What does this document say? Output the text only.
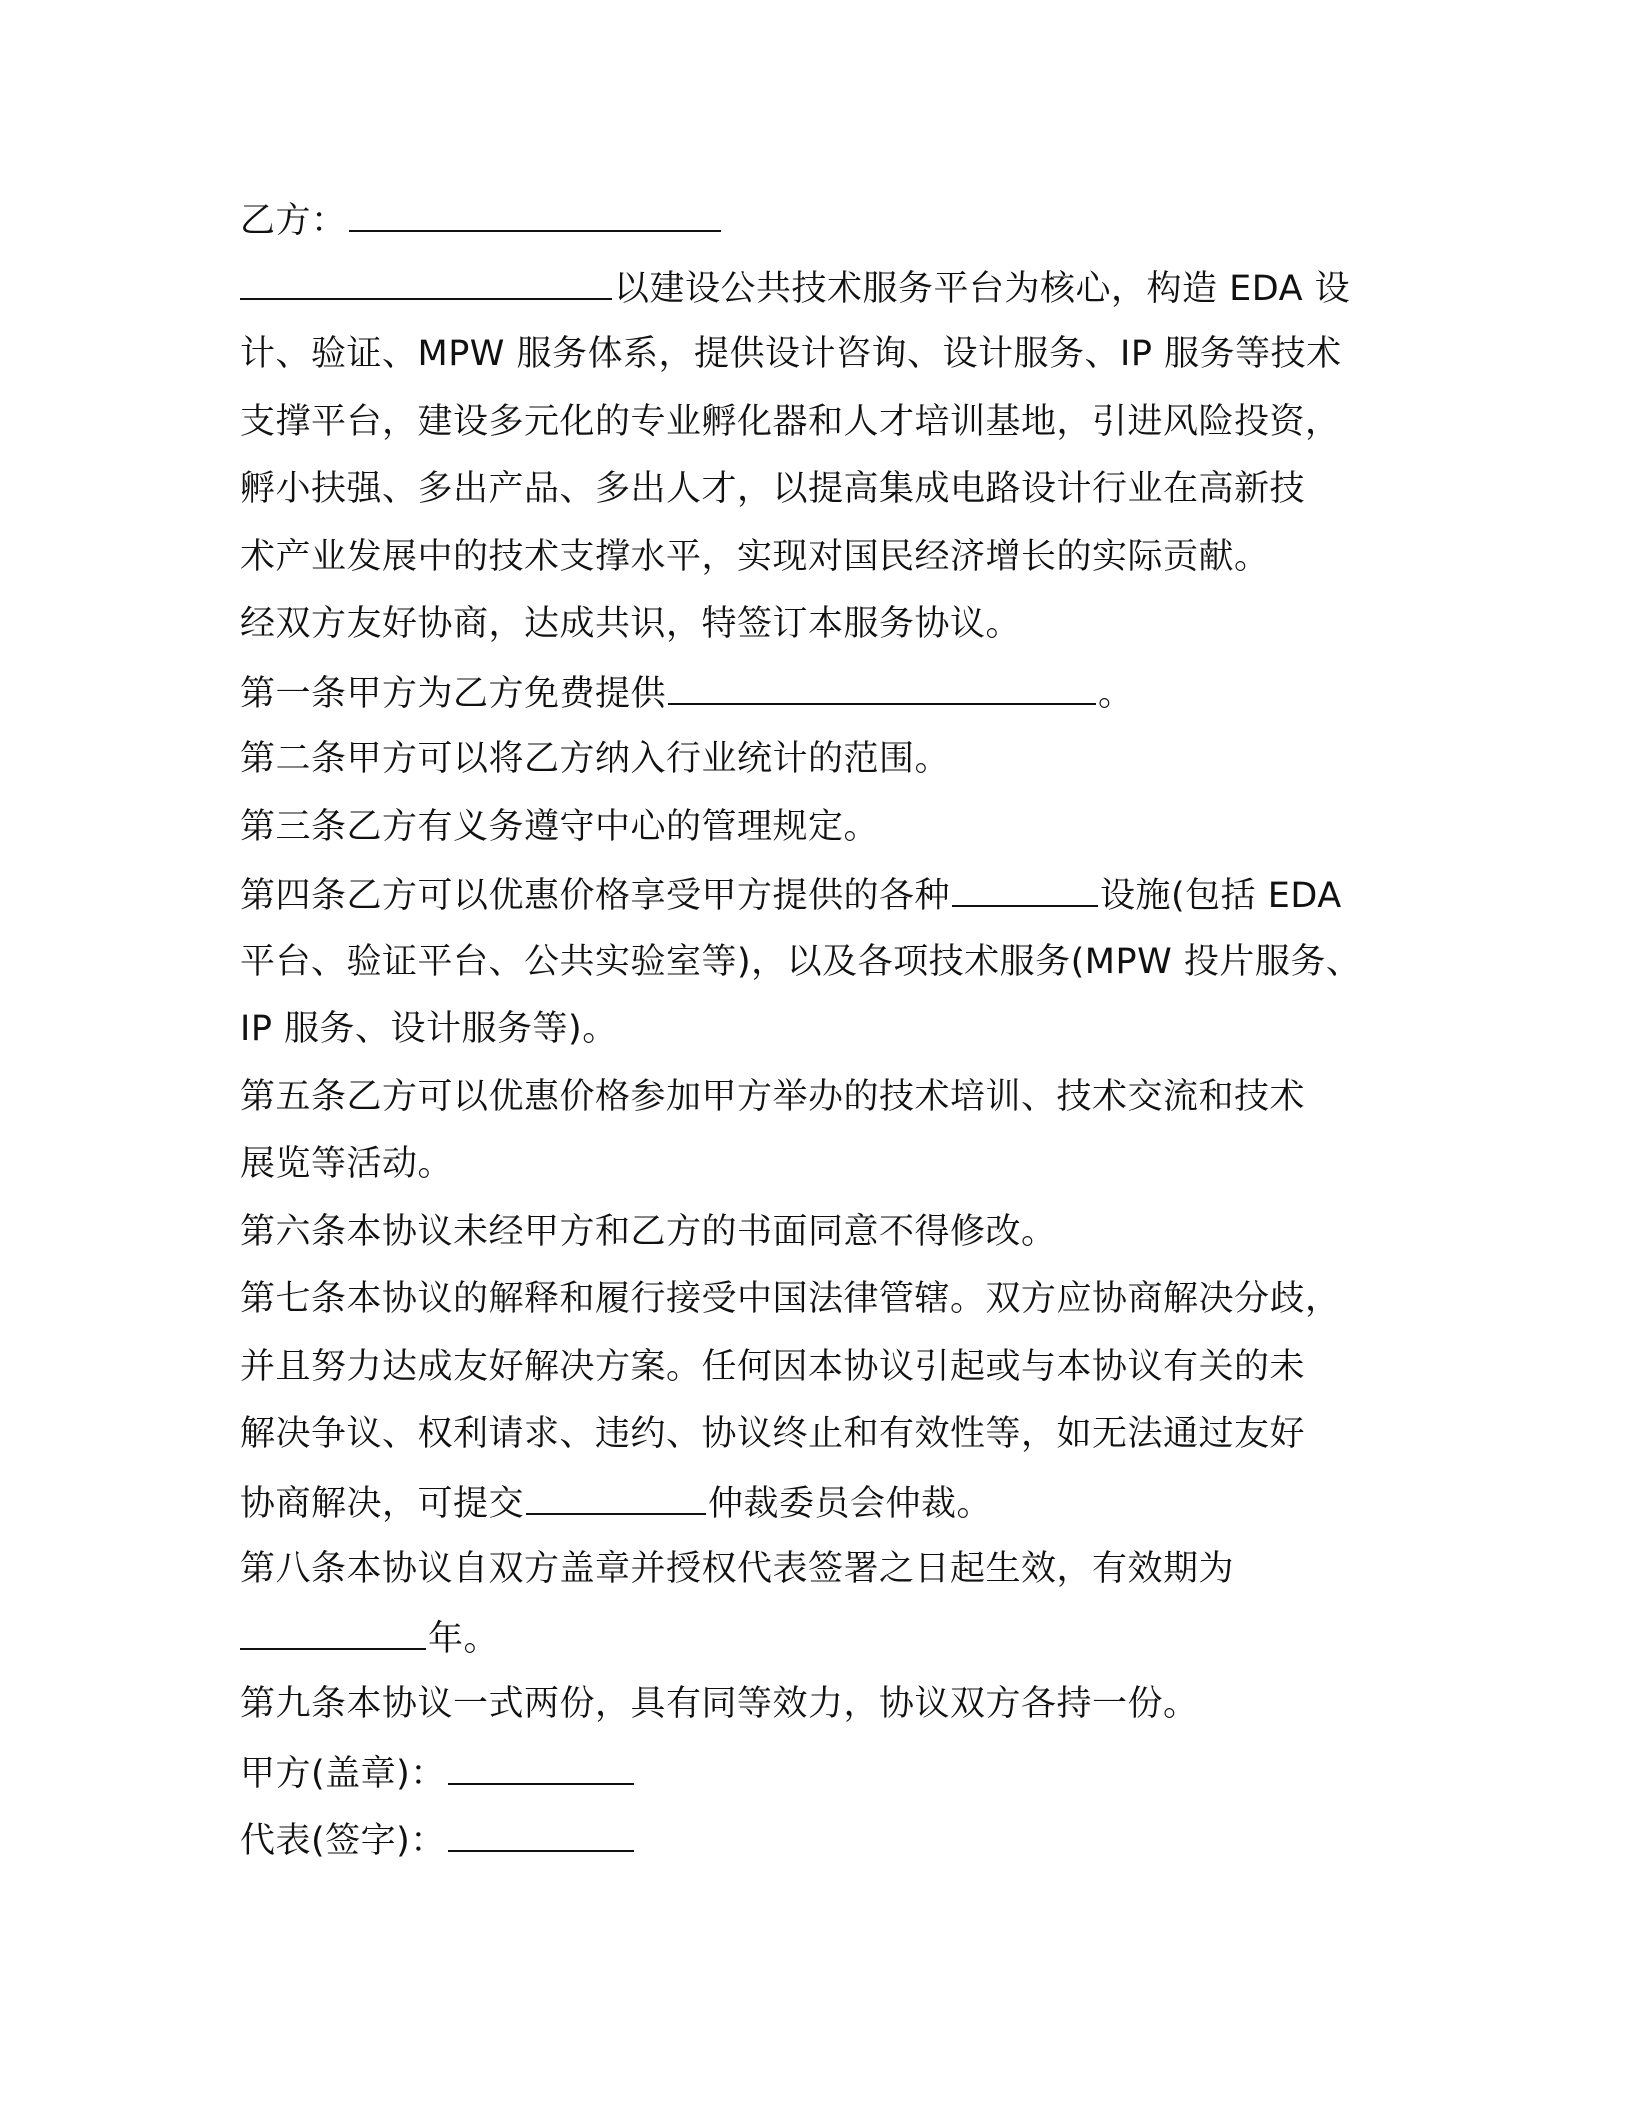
乙方：
以建设公共技术服务平台为核心，构造 EDA 设
计、验证、MPW 服务体系，提供设计咨询、设计服务、IP 服务等技术
支撑平台，建设多元化的专业孵化器和人才培训基地，引进风险投资，
孵小扶强、多出产品、多出人才，以提高集成电路设计行业在高新技
术产业发展中的技术支撑水平，实现对国民经济增长的实际贡献。
经双方友好协商，达成共识，特签订本服务协议。
第一条甲方为乙方免费提供	。
第二条甲方可以将乙方纳入行业统计的范围。
第三条乙方有义务遵守中心的管理规定。
第四条乙方可以优惠价格享受甲方提供的各种	设施(包括 EDA
平台、验证平台、公共实验室等)，以及各项技术服务(MPW 投片服务、
IP 服务、设计服务等)。
第五条乙方可以优惠价格参加甲方举办的技术培训、技术交流和技术
展览等活动。
第六条本协议未经甲方和乙方的书面同意不得修改。
第七条本协议的解释和履行接受中国法律管辖。双方应协商解决分歧，
并且努力达成友好解决方案。任何因本协议引起或与本协议有关的未
解决争议、权利请求、违约、协议终止和有效性等，如无法通过友好
协商解决，可提交	仲裁委员会仲裁。
第八条本协议自双方盖章并授权代表签署之日起生效，有效期为
年。
第九条本协议一式两份，具有同等效力，协议双方各持一份。
甲方(盖章)：
代表(签字)：
